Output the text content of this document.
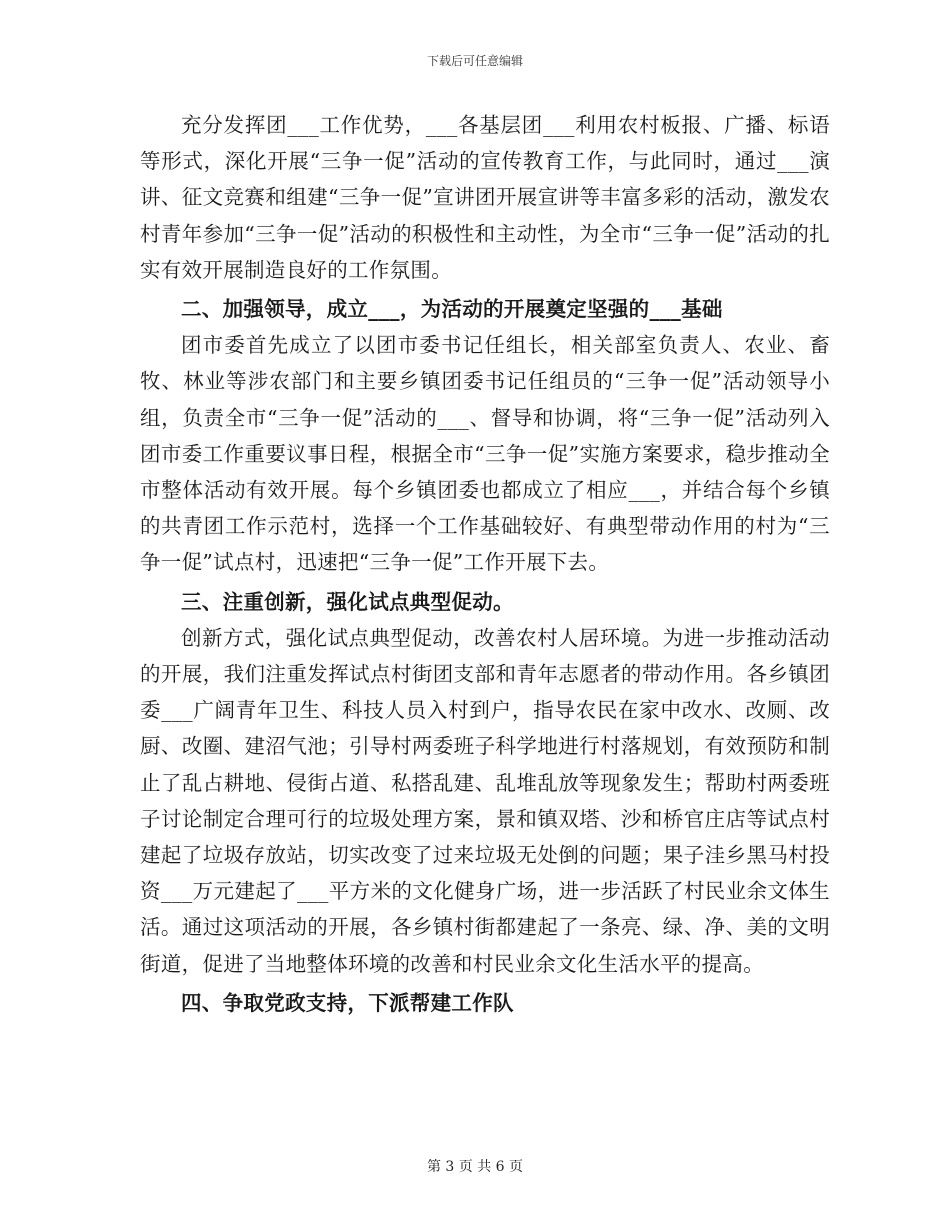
下载后可任意编辑

充分发挥团___工作优势，___各基层团___利用农村板报、广播、标语等形式，深化开展“三争一促”活动的宣传教育工作，与此同时，通过___演讲、征文竞赛和组建“三争一促”宣讲团开展宣讲等丰富多彩的活动，激发农村青年参加“三争一促”活动的积极性和主动性，为全市“三争一促”活动的扎实有效开展制造良好的工作氛围。

二、加强领导，成立___，为活动的开展奠定坚强的___基础

团市委首先成立了以团市委书记任组长，相关部室负责人、农业、畜牧、林业等涉农部门和主要乡镇团委书记任组员的“三争一促”活动领导小组，负责全市“三争一促”活动的___、督导和协调，将“三争一促”活动列入团市委工作重要议事日程，根据全市“三争一促”实施方案要求，稳步推动全市整体活动有效开展。每个乡镇团委也都成立了相应___，并结合每个乡镇的共青团工作示范村，选择一个工作基础较好、有典型带动作用的村为“三争一促”试点村，迅速把“三争一促”工作开展下去。

三、注重创新，强化试点典型促动。

创新方式，强化试点典型促动，改善农村人居环境。为进一步推动活动的开展，我们注重发挥试点村街团支部和青年志愿者的带动作用。各乡镇团委___广阔青年卫生、科技人员入村到户，指导农民在家中改水、改厕、改厨、改圈、建沼气池；引导村两委班子科学地进行村落规划，有效预防和制止了乱占耕地、侵街占道、私搭乱建、乱堆乱放等现象发生；帮助村两委班子讨论制定合理可行的垃圾处理方案，景和镇双塔、沙和桥官庄店等试点村建起了垃圾存放站，切实改变了过来垃圾无处倒的问题；果子洼乡黑马村投资___万元建起了___平方米的文化健身广场，进一步活跃了村民业余文体生活。通过这项活动的开展，各乡镇村街都建起了一条亮、绿、净、美的文明街道，促进了当地整体环境的改善和村民业余文化生活水平的提高。

四、争取党政支持，下派帮建工作队

第 3 页 共 6 页
